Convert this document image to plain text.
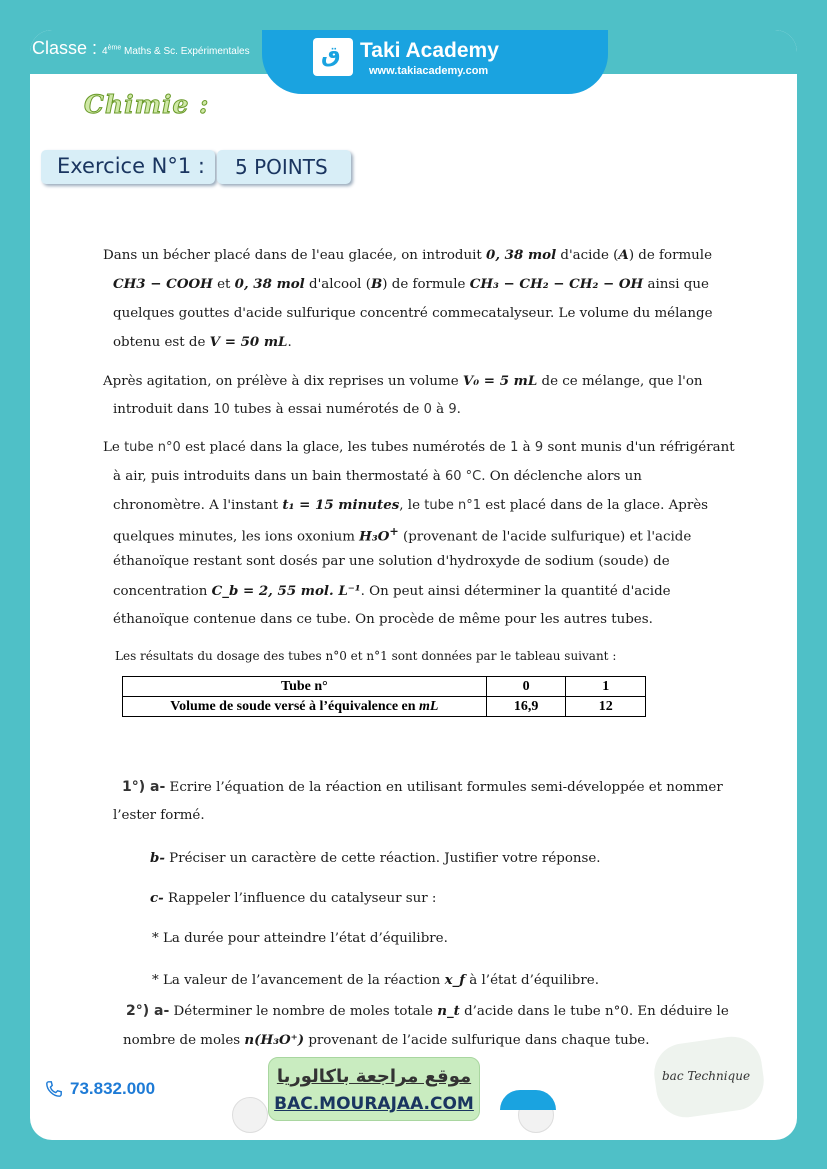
Classe : 4ème Maths & Sc. Expérimentales	ق Taki Academy
www.takiacademy.com
Chimie :
Exercice N°1 : 5 POINTS
Dans un bécher placé dans de l'eau glacée, on introduit 0, 38 mol d'acide (A) de formule
CH3 − COOH et 0, 38 mol d'alcool (B) de formule CH₃ − CH₂ − CH₂ − OH ainsi que
quelques gouttes d'acide sulfurique concentré commecatalyseur. Le volume du mélange
obtenu est de V = 50 mL.
Après agitation, on prélève à dix reprises un volume V₀ = 5 mL de ce mélange, que l'on
introduit dans 10 tubes à essai numérotés de 0 à 9.
Le tube n°0 est placé dans la glace, les tubes numérotés de 1 à 9 sont munis d'un réfrigérant
à air, puis introduits dans un bain thermostaté à 60 °C. On déclenche alors un
chronomètre. A l'instant t₁ = 15 minutes, le tube n°1 est placé dans de la glace. Après
quelques minutes, les ions oxonium H₃O+ (provenant de l'acide sulfurique) et l'acide
éthanoïque restant sont dosés par une solution d'hydroxyde de sodium (soude) de
concentration C_b = 2, 55 mol. L⁻¹. On peut ainsi déterminer la quantité d'acide
éthanoïque contenue dans ce tube. On procède de même pour les autres tubes.
Les résultats du dosage des tubes n°0 et n°1 sont données par le tableau suivant :
Tube n°	0	1
Volume de soude versé à l’équivalence en mL	16,9	12
1°) a- Ecrire l’équation de la réaction en utilisant formules semi-développée et nommer
l’ester formé.
b- Préciser un caractère de cette réaction. Justifier votre réponse.
c- Rappeler l’influence du catalyseur sur :
* La durée pour atteindre l’état d’équilibre.
* La valeur de l’avancement de la réaction x_f à l’état d’équilibre.
2°) a- Déterminer le nombre de moles totale n_t d’acide dans le tube n°0. En déduire le
nombre de moles n(H₃O⁺) provenant de l’acide sulfurique dans chaque tube.
73.832.000
موقع مراجعة باكالوريا
BAC.MOURAJAA.COM
bac Technique
